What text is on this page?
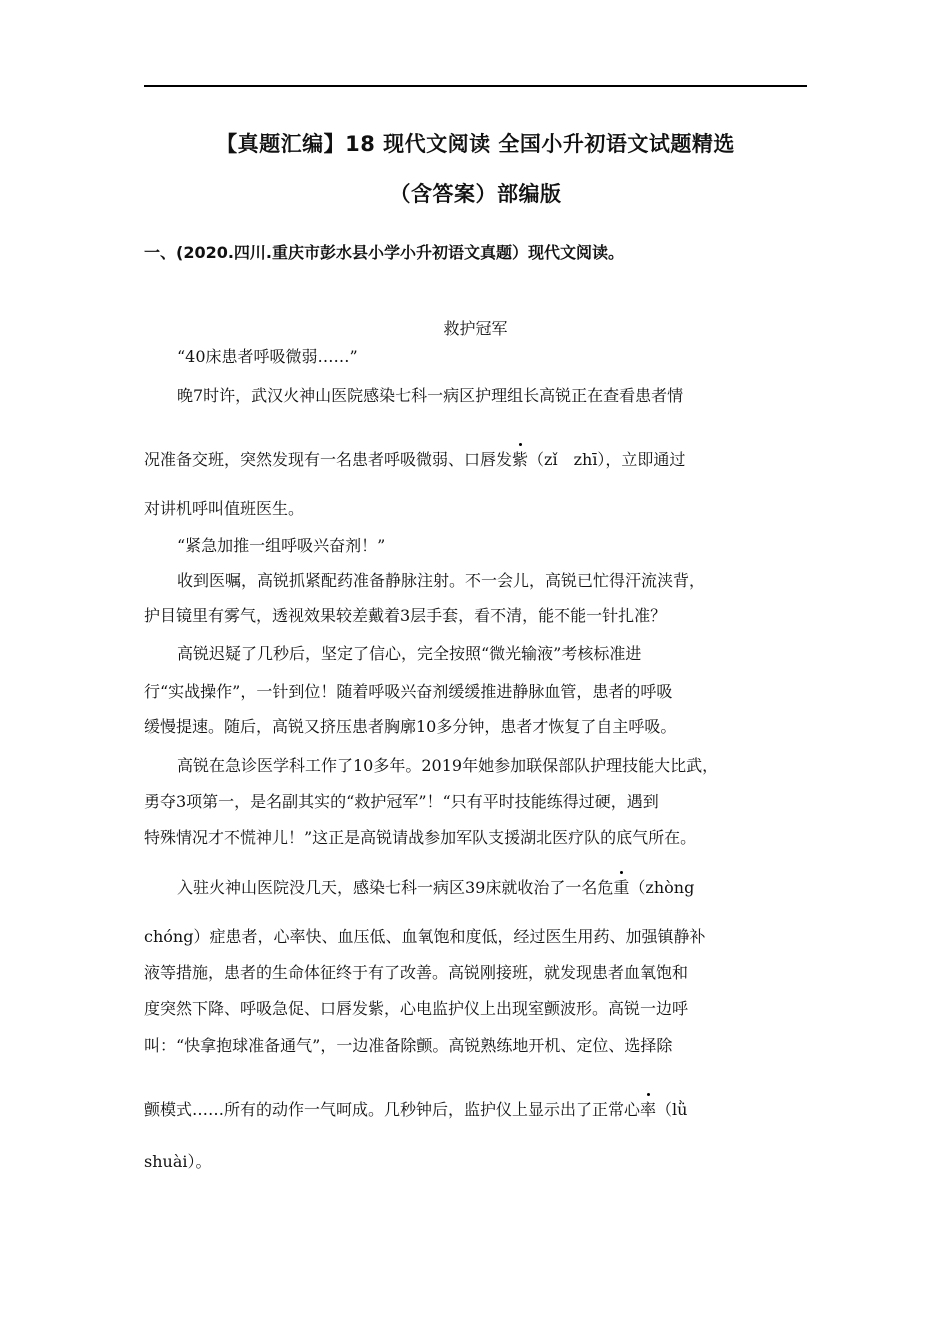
【真题汇编】18 现代文阅读 全国小升初语文试题精选
（含答案）部编版
一、(2020.四川.重庆市彭水县小学小升初语文真题）现代文阅读。
救护冠军
“40床患者呼吸微弱……”
晚7时许，武汉火神山医院感染七科一病区护理组长高锐正在查看患者情
况准备交班，突然发现有一名患者呼吸微弱、口唇发紫（zǐ　zhī），立即通过
对讲机呼叫值班医生。
“紧急加推一组呼吸兴奋剂！”
收到医嘱，高锐抓紧配药准备静脉注射。不一会儿，高锐已忙得汗流浃背，
护目镜里有雾气，透视效果较差戴着3层手套，看不清，能不能一针扎准？
高锐迟疑了几秒后，坚定了信心，完全按照“微光输液”考核标准进
行“实战操作”，一针到位！随着呼吸兴奋剂缓缓推进静脉血管，患者的呼吸
缓慢提速。随后，高锐又挤压患者胸廓10多分钟，患者才恢复了自主呼吸。
高锐在急诊医学科工作了10多年。2019年她参加联保部队护理技能大比武，
勇夺3项第一，是名副其实的“救护冠军”！“只有平时技能练得过硬，遇到
特殊情况才不慌神儿！”这正是高锐请战参加军队支援湖北医疗队的底气所在。
入驻火神山医院没几天，感染七科一病区39床就收治了一名危重（zhòng
chóng）症患者，心率快、血压低、血氧饱和度低，经过医生用药、加强镇静补
液等措施，患者的生命体征终于有了改善。高锐刚接班，就发现患者血氧饱和
度突然下降、呼吸急促、口唇发紫，心电监护仪上出现室颤波形。高锐一边呼
叫：“快拿抱球准备通气”，一边准备除颤。高锐熟练地开机、定位、选择除
颤模式……所有的动作一气呵成。几秒钟后，监护仪上显示出了正常心率（lǜ
shuài）。
